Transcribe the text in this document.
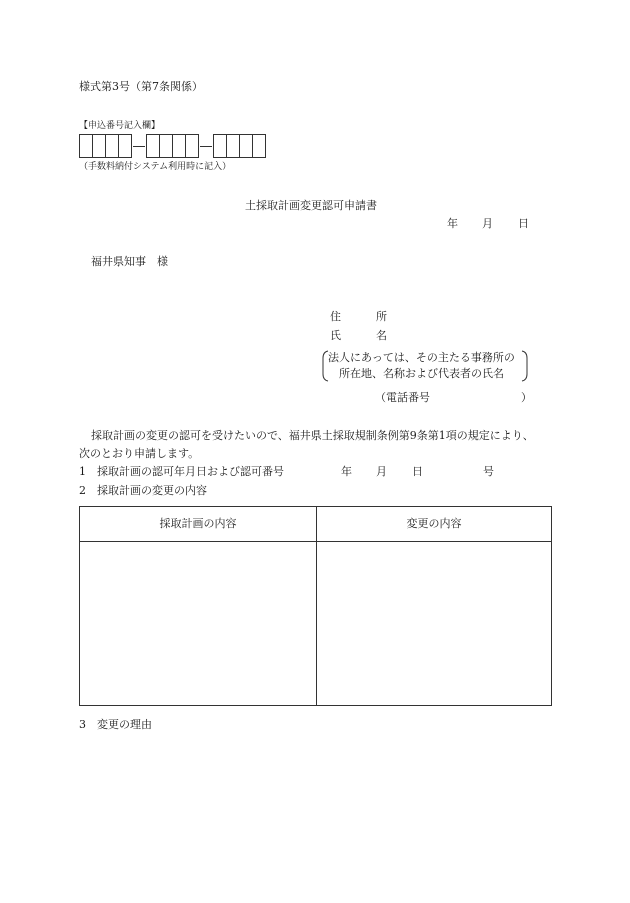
様式第3号（第7条関係）
【申込番号記入欄】
（手数料納付システム利用時に記入）
土採取計画変更認可申請書
年 月 日
福井県知事　様
住	所
氏	名
法人にあっては、その主たる事務所の
所在地、名称および代表者の氏名
（電話番号	）
採取計画の変更の認可を受けたいので、福井県土採取規制条例第9条第1項の規定により、
次のとおり申請します。
1 採取計画の認可年月日および認可番号	年 月 日	号
2 採取計画の変更の内容
採取計画の内容	変更の内容
3 変更の理由
